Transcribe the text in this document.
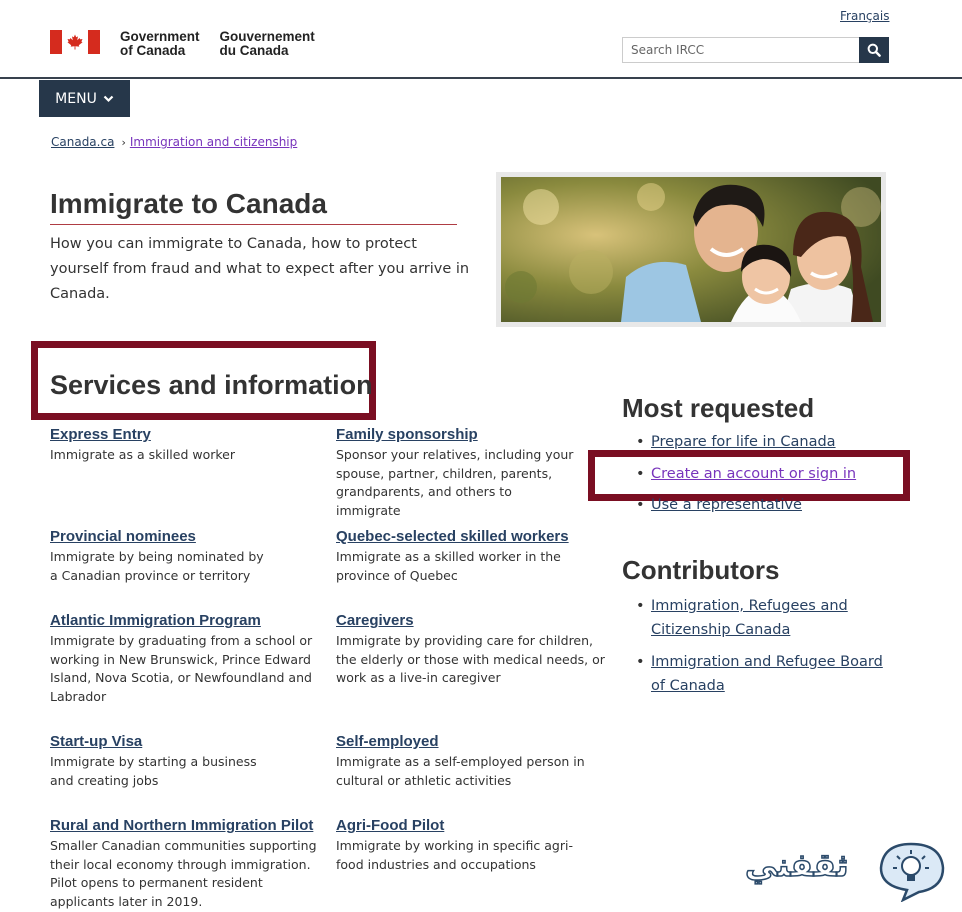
Français
Government
of Canada
Gouvernement
du Canada
Search IRCC
MENU
Canada.ca › Immigration and citizenship
Immigrate to Canada

How you can immigrate to Canada, how to protect yourself from fraud and what to expect after you arrive in Canada.

Services and information
Express Entry
Immigrate as a skilled worker
Family sponsorship
Sponsor your relatives, including your spouse, partner, children, parents, grandparents, and others to immigrate
Provincial nominees
Immigrate by being nominated by a Canadian province or territory
Quebec-selected skilled workers
Immigrate as a skilled worker in the province of Quebec
Atlantic Immigration Program
Immigrate by graduating from a school or working in New Brunswick, Prince Edward Island, Nova Scotia, or Newfoundland and Labrador
Caregivers
Immigrate by providing care for children, the elderly or those with medical needs, or work as a live-in caregiver
Start-up Visa
Immigrate by starting a business and creating jobs
Self-employed
Immigrate as a self-employed person in cultural or athletic activities
Rural and Northern Immigration Pilot
Smaller Canadian communities supporting their local economy through immigration. Pilot opens to permanent resident applicants later in 2019.
Agri-Food Pilot
Immigrate by working in specific agri-food industries and occupations
Most requested
• Prepare for life in Canada
• Create an account or sign in
• Use a representative
Contributors
• Immigration, Refugees and Citizenship Canada
• Immigration and Refugee Board of Canada
ثقفني
